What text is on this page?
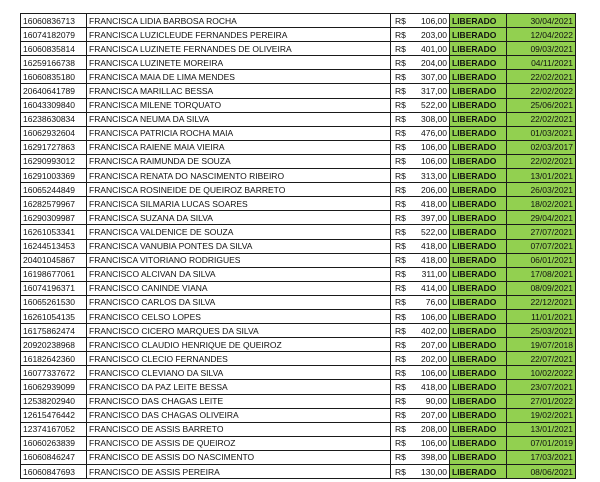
16060836713	FRANCISCA LIDIA BARBOSA ROCHA	R$	106,00	LIBERADO	30/04/2021
16074182079	FRANCISCA LUZICLEUDE FERNANDES PEREIRA	R$	203,00	LIBERADO	12/04/2022
16060835814	FRANCISCA LUZINETE FERNANDES DE OLIVEIRA	R$	401,00	LIBERADO	09/03/2021
16259166738	FRANCISCA LUZINETE MOREIRA	R$	204,00	LIBERADO	04/11/2021
16060835180	FRANCISCA MAIA DE LIMA MENDES	R$	307,00	LIBERADO	22/02/2021
20640641789	FRANCISCA MARILLAC BESSA	R$	317,00	LIBERADO	22/02/2022
16043309840	FRANCISCA MILENE TORQUATO	R$	522,00	LIBERADO	25/06/2021
16238630834	FRANCISCA NEUMA DA SILVA	R$	308,00	LIBERADO	22/02/2021
16062932604	FRANCISCA PATRICIA ROCHA MAIA	R$	476,00	LIBERADO	01/03/2021
16291727863	FRANCISCA RAIENE MAIA VIEIRA	R$	106,00	LIBERADO	02/03/2017
16290993012	FRANCISCA RAIMUNDA DE SOUZA	R$	106,00	LIBERADO	22/02/2021
16291003369	FRANCISCA RENATA DO NASCIMENTO RIBEIRO	R$	313,00	LIBERADO	13/01/2021
16065244849	FRANCISCA ROSINEIDE DE QUEIROZ BARRETO	R$	206,00	LIBERADO	26/03/2021
16282579967	FRANCISCA SILMARIA LUCAS SOARES	R$	418,00	LIBERADO	18/02/2021
16290309987	FRANCISCA SUZANA DA SILVA	R$	397,00	LIBERADO	29/04/2021
16261053341	FRANCISCA VALDENICE DE SOUZA	R$	522,00	LIBERADO	27/07/2021
16244513453	FRANCISCA VANUBIA PONTES DA SILVA	R$	418,00	LIBERADO	07/07/2021
20401045867	FRANCISCA VITORIANO RODRIGUES	R$	418,00	LIBERADO	06/01/2021
16198677061	FRANCISCO ALCIVAN DA SILVA	R$	311,00	LIBERADO	17/08/2021
16074196371	FRANCISCO CANINDE VIANA	R$	414,00	LIBERADO	08/09/2021
16065261530	FRANCISCO CARLOS DA SILVA	R$	76,00	LIBERADO	22/12/2021
16261054135	FRANCISCO CELSO LOPES	R$	106,00	LIBERADO	11/01/2021
16175862474	FRANCISCO CICERO MARQUES DA SILVA	R$	402,00	LIBERADO	25/03/2021
20920238968	FRANCISCO CLAUDIO HENRIQUE DE QUEIROZ	R$	207,00	LIBERADO	19/07/2018
16182642360	FRANCISCO CLECIO FERNANDES	R$	202,00	LIBERADO	22/07/2021
16077337672	FRANCISCO CLEVIANO DA SILVA	R$	106,00	LIBERADO	10/02/2022
16062939099	FRANCISCO DA PAZ LEITE BESSA	R$	418,00	LIBERADO	23/07/2021
12538202940	FRANCISCO DAS CHAGAS LEITE	R$	90,00	LIBERADO	27/01/2022
12615476442	FRANCISCO DAS CHAGAS OLIVEIRA	R$	207,00	LIBERADO	19/02/2021
12374167052	FRANCISCO DE ASSIS BARRETO	R$	208,00	LIBERADO	13/01/2021
16060263839	FRANCISCO DE ASSIS DE QUEIROZ	R$	106,00	LIBERADO	07/01/2019
16060846247	FRANCISCO DE ASSIS DO NASCIMENTO	R$	398,00	LIBERADO	17/03/2021
16060847693	FRANCISCO DE ASSIS PEREIRA	R$	130,00	LIBERADO	08/06/2021
